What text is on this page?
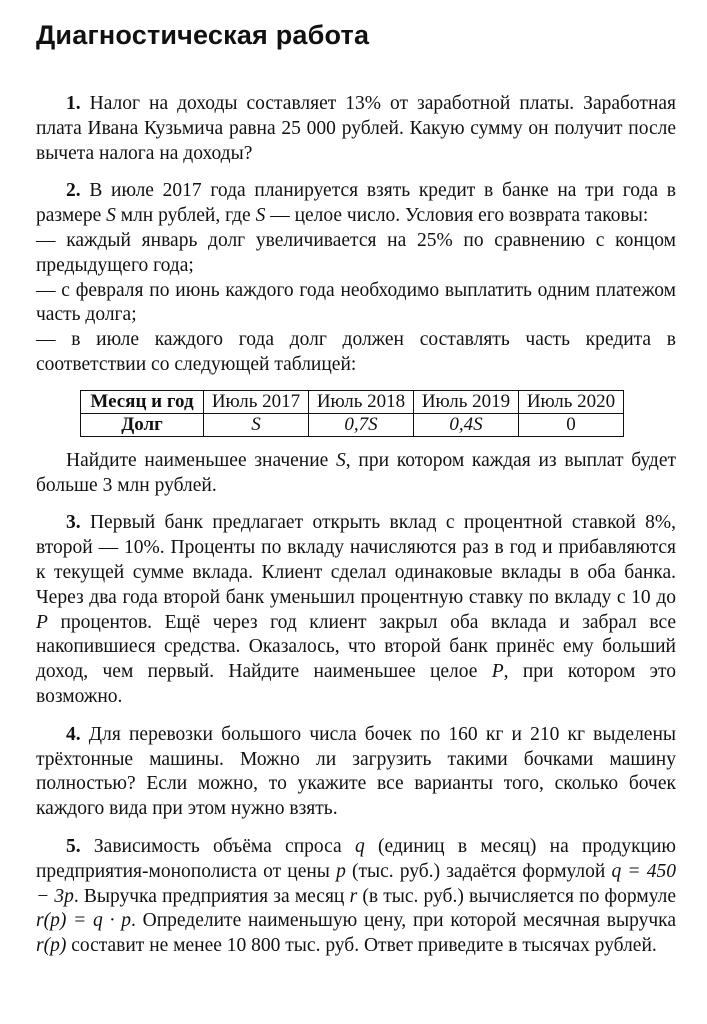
Диагностическая работа

1. Налог на доходы составляет 13% от заработной платы. Заработная плата Ивана Кузьмича равна 25 000 рублей. Какую сумму он получит после вычета налога на доходы?

2. В июле 2017 года планируется взять кредит в банке на три года в размере S млн рублей, где S — целое число. Условия его возврата таковы:

— каждый январь долг увеличивается на 25% по сравнению с концом предыдущего года;

— с февраля по июнь каждого года необходимо выплатить одним платежом часть долга;

— в июле каждого года долг должен составлять часть кредита в соответствии со следующей таблицей:

Месяц и год	Июль 2017	Июль 2018	Июль 2019	Июль 2020
Долг	S	0,7S	0,4S	0

Найдите наименьшее значение S, при котором каждая из выплат будет больше 3 млн рублей.

3. Первый банк предлагает открыть вклад с процентной ставкой 8%, второй — 10%. Проценты по вкладу начисляются раз в год и прибавляются к текущей сумме вклада. Клиент сделал одинаковые вклады в оба банка. Через два года второй банк уменьшил процентную ставку по вкладу с 10 до P процентов. Ещё через год клиент закрыл оба вклада и забрал все накопившиеся средства. Оказалось, что второй банк принёс ему больший доход, чем первый. Найдите наименьшее целое P, при котором это возможно.

4. Для перевозки большого числа бочек по 160 кг и 210 кг выделены трёхтонные машины. Можно ли загрузить такими бочками машину полностью? Если можно, то укажите все варианты того, сколько бочек каждого вида при этом нужно взять.

5. Зависимость объёма спроса q (единиц в месяц) на продукцию предприятия-монополиста от цены p (тыс. руб.) задаётся формулой q = 450 − 3p. Выручка предприятия за месяц r (в тыс. руб.) вычисляется по формуле r(p) = q · p. Определите наименьшую цену, при которой месячная выручка r(p) составит не менее 10 800 тыс. руб. Ответ приведите в тысячах рублей.
